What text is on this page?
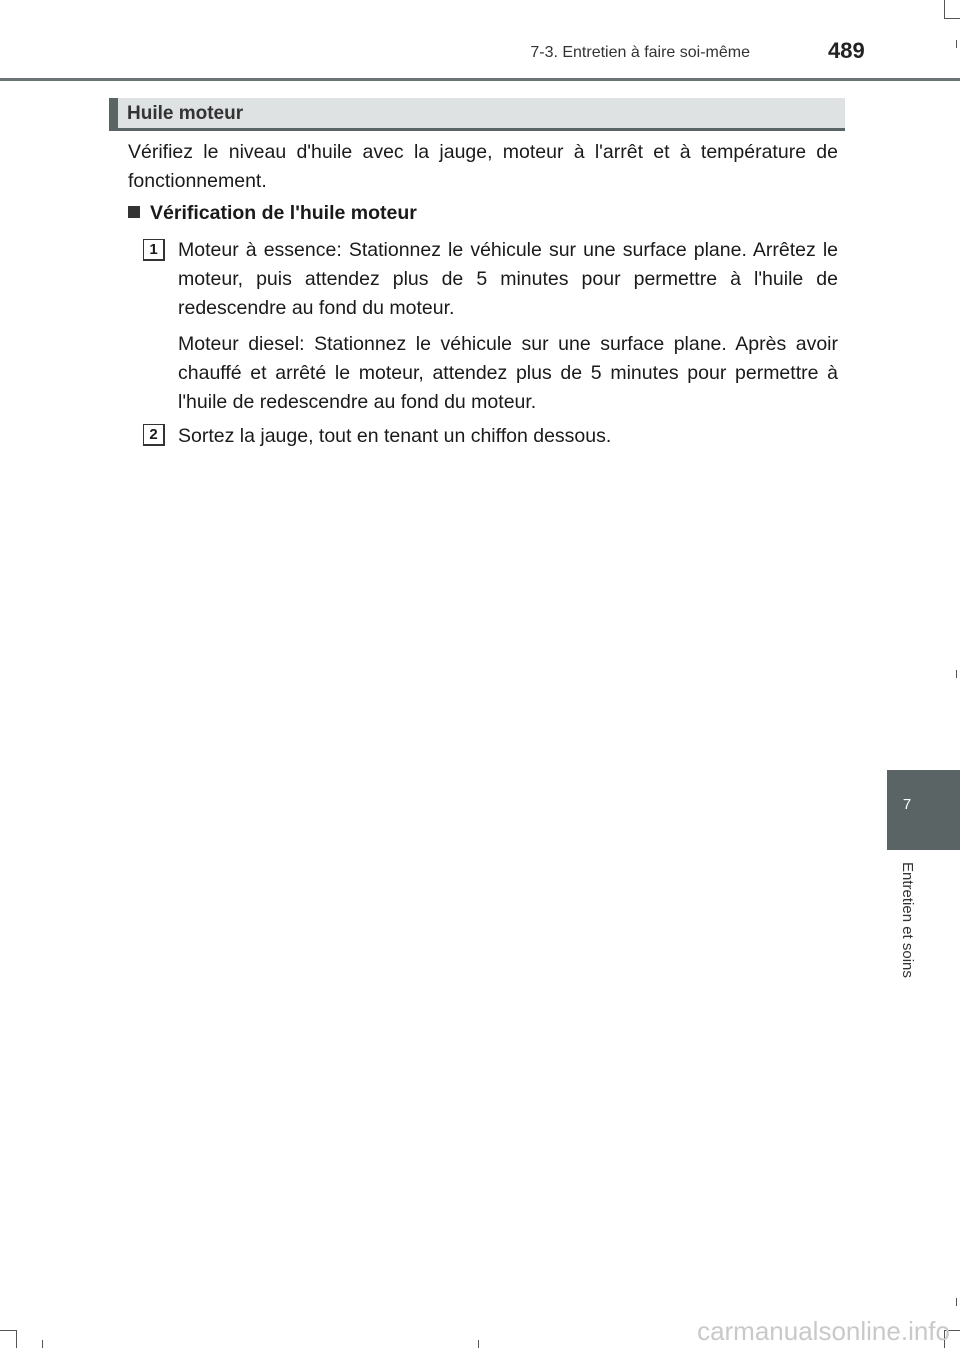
7-3. Entretien à faire soi-même	489
Huile moteur
Vérifiez le niveau d'huile avec la jauge, moteur à l'arrêt et à température de fonctionnement.
Vérification de l'huile moteur
1	Moteur à essence: Stationnez le véhicule sur une surface plane. Arrêtez le moteur, puis attendez plus de 5 minutes pour permettre à l'huile de redescendre au fond du moteur.
Moteur diesel: Stationnez le véhicule sur une surface plane. Après avoir chauffé et arrêté le moteur, attendez plus de 5 minutes pour permettre à l'huile de redescendre au fond du moteur.
2	Sortez la jauge, tout en tenant un chiffon dessous.
7
Entretien et soins
carmanualsonline.info
